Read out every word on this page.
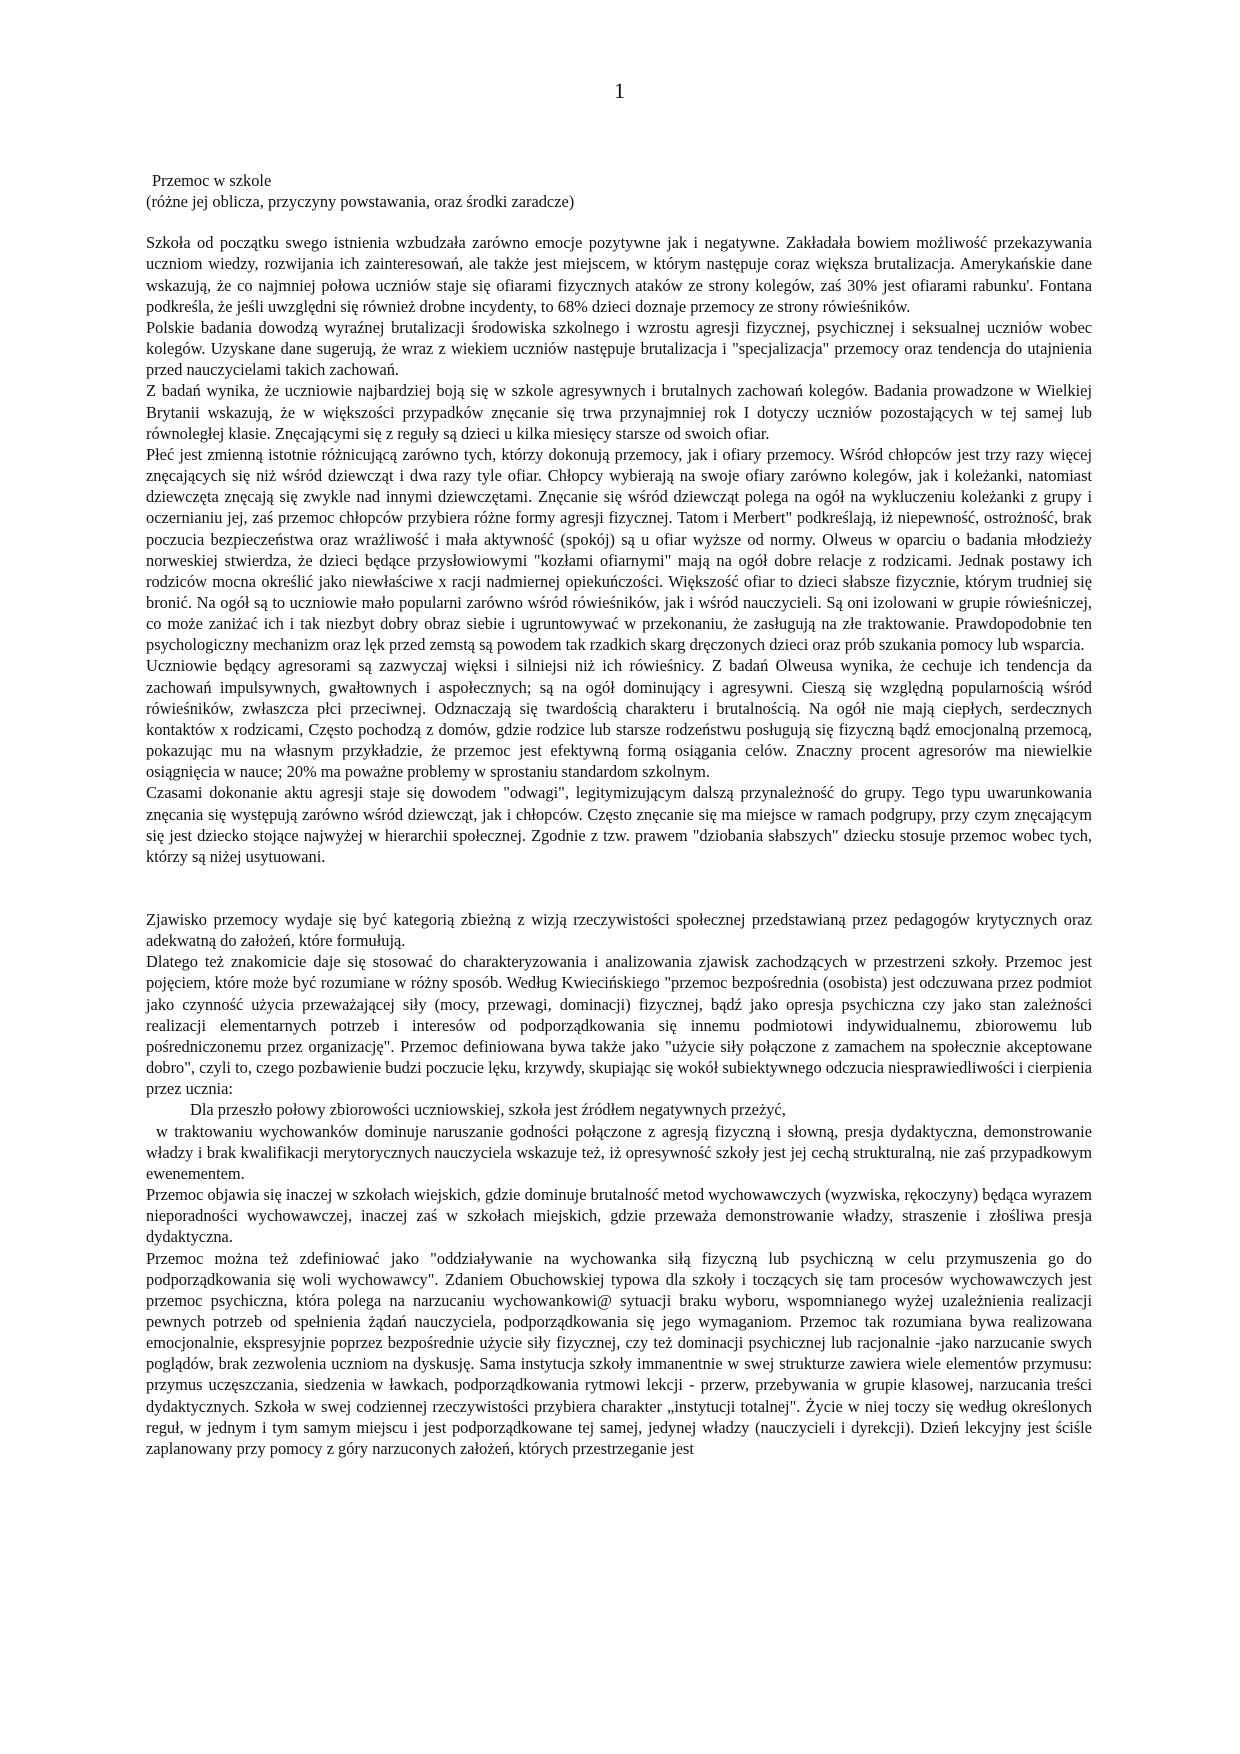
1
Przemoc w szkole
(różne jej oblicza, przyczyny powstawania, oraz środki zaradcze)

Szkoła od początku swego istnienia wzbudzała zarówno emocje pozytywne jak i negatywne. Zakładała bowiem możliwość przekazywania uczniom wiedzy, rozwijania ich zainteresowań, ale także jest miejscem, w którym następuje coraz większa brutalizacja. Amerykańskie dane wskazują, że co najmniej połowa uczniów staje się ofiarami fizycznych ataków ze strony kolegów, zaś 30% jest ofiarami rabunku'. Fontana podkreśla, że jeśli uwzględni się również drobne incydenty, to 68% dzieci doznaje przemocy ze strony rówieśników.

Polskie badania dowodzą wyraźnej brutalizacji środowiska szkolnego i wzrostu agresji fizycznej, psychicznej i seksualnej uczniów wobec kolegów. Uzyskane dane sugerują, że wraz z wiekiem uczniów następuje brutalizacja i "specjalizacja" przemocy oraz tendencja do utajnienia przed nauczycielami takich zachowań.

Z badań wynika, że uczniowie najbardziej boją się w szkole agresywnych i brutalnych zachowań kolegów. Badania prowadzone w Wielkiej Brytanii wskazują, że w większości przypadków znęcanie się trwa przynajmniej rok I dotyczy uczniów pozostających w tej samej lub równoległej klasie. Znęcającymi się z reguły są dzieci u kilka miesięcy starsze od swoich ofiar.

Płeć jest zmienną istotnie różnicującą zarówno tych, którzy dokonują przemocy, jak i ofiary przemocy. Wśród chłopców jest trzy razy więcej znęcających się niż wśród dziewcząt i dwa razy tyle ofiar. Chłopcy wybierają na swoje ofiary zarówno kolegów, jak i koleżanki, natomiast dziewczęta znęcają się zwykle nad innymi dziewczętami. Znęcanie się wśród dziewcząt polega na ogół na wykluczeniu koleżanki z grupy i oczernianiu jej, zaś przemoc chłopców przybiera różne formy agresji fizycznej. Tatom i Merbert" podkreślają, iż niepewność, ostrożność, brak poczucia bezpieczeństwa oraz wrażliwość i mała aktywność (spokój) są u ofiar wyższe od normy. Olweus w oparciu o badania młodzieży norweskiej stwierdza, że dzieci będące przysłowiowymi "kozłami ofiarnymi" mają na ogół dobre relacje z rodzicami. Jednak postawy ich rodziców mocna określić jako niewłaściwe x racji nadmiernej opiekuńczości. Większość ofiar to dzieci słabsze fizycznie, którym trudniej się bronić. Na ogół są to uczniowie mało popularni zarówno wśród rówieśników, jak i wśród nauczycieli. Są oni izolowani w grupie rówieśniczej, co może zaniżać ich i tak niezbyt dobry obraz siebie i ugruntowywać w przekonaniu, że zasługują na złe traktowanie. Prawdopodobnie ten psychologiczny mechanizm oraz lęk przed zemstą są powodem tak rzadkich skarg dręczonych dzieci oraz prób szukania pomocy lub wsparcia.

Uczniowie będący agresorami są zazwyczaj więksi i silniejsi niż ich rówieśnicy. Z badań Olweusa wynika, że cechuje ich tendencja da zachowań impulsywnych, gwałtownych i aspołecznych; są na ogół dominujący i agresywni. Cieszą się względną popularnością wśród rówieśników, zwłaszcza płci przeciwnej. Odznaczają się twardością charakteru i brutalnością. Na ogół nie mają ciepłych, serdecznych kontaktów x rodzicami, Często pochodzą z domów, gdzie rodzice lub starsze rodzeństwu posługują się fizyczną bądź emocjonalną przemocą, pokazując mu na własnym przykładzie, że przemoc jest efektywną formą osiągania celów. Znaczny procent agresorów ma niewielkie osiągnięcia w nauce; 20% ma poważne problemy w sprostaniu standardom szkolnym.

Czasami dokonanie aktu agresji staje się dowodem "odwagi", legitymizującym dalszą przynależność do grupy. Tego typu uwarunkowania znęcania się występują zarówno wśród dziewcząt, jak i chłopców. Często znęcanie się ma miejsce w ramach podgrupy, przy czym znęcającym się jest dziecko stojące najwyżej w hierarchii społecznej. Zgodnie z tzw. prawem "dziobania słabszych" dziecku stosuje przemoc wobec tych, którzy są niżej usytuowani.

Zjawisko przemocy wydaje się być kategorią zbieżną z wizją rzeczywistości społecznej przedstawianą przez pedagogów krytycznych oraz adekwatną do założeń, które formułują.

Dlatego też znakomicie daje się stosować do charakteryzowania i analizowania zjawisk zachodzących w przestrzeni szkoły. Przemoc jest pojęciem, które może być rozumiane w różny sposób. Według Kwiecińskiego "przemoc bezpośrednia (osobista) jest odczuwana przez podmiot jako czynność użycia przeważającej siły (mocy, przewagi, dominacji) fizycznej, bądź jako opresja psychiczna czy jako stan zależności realizacji elementarnych potrzeb i interesów od podporządkowania się innemu podmiotowi indywidualnemu, zbiorowemu lub pośredniczonemu przez organizację". Przemoc definiowana bywa także jako "użycie siły połączone z zamachem na społecznie akceptowane dobro", czyli to, czego pozbawienie budzi poczucie lęku, krzywdy, skupiając się wokół subiektywnego odczucia niesprawiedliwości i cierpienia przez ucznia:

Dla przeszło połowy zbiorowości uczniowskiej, szkoła jest źródłem negatywnych przeżyć,

w traktowaniu wychowanków dominuje naruszanie godności połączone z agresją fizyczną i słowną, presja dydaktyczna, demonstrowanie władzy i brak kwalifikacji merytorycznych nauczyciela wskazuje też, iż opresywność szkoły jest jej cechą strukturalną, nie zaś przypadkowym ewenementem.

Przemoc objawia się inaczej w szkołach wiejskich, gdzie dominuje brutalność metod wychowawczych (wyzwiska, rękoczyny) będąca wyrazem nieporadności wychowawczej, inaczej zaś w szkołach miejskich, gdzie przeważa demonstrowanie władzy, straszenie i złośliwa presja dydaktyczna.

Przemoc można też zdefiniować jako "oddziaływanie na wychowanka siłą fizyczną lub psychiczną w celu przymuszenia go do podporządkowania się woli wychowawcy". Zdaniem Obuchowskiej typowa dla szkoły i toczących się tam procesów wychowawczych jest przemoc psychiczna, która polega na narzucaniu wychowankowi@ sytuacji braku wyboru, wspomnianego wyżej uzależnienia realizacji pewnych potrzeb od spełnienia żądań nauczyciela, podporządkowania się jego wymaganiom. Przemoc tak rozumiana bywa realizowana emocjonalnie, ekspresyjnie poprzez bezpośrednie użycie siły fizycznej, czy też dominacji psychicznej lub racjonalnie -jako narzucanie swych poglądów, brak zezwolenia uczniom na dyskusję. Sama instytucja szkoły immanentnie w swej strukturze zawiera wiele elementów przymusu: przymus uczęszczania, siedzenia w ławkach, podporządkowania rytmowi lekcji - przerw, przebywania w grupie klasowej, narzucania treści dydaktycznych. Szkoła w swej codziennej rzeczywistości przybiera charakter „instytucji totalnej". Życie w niej toczy się według określonych reguł, w jednym i tym samym miejscu i jest podporządkowane tej samej, jedynej władzy (nauczycieli i dyrekcji). Dzień lekcyjny jest ściśle zaplanowany przy pomocy z góry narzuconych założeń, których przestrzeganie jest
